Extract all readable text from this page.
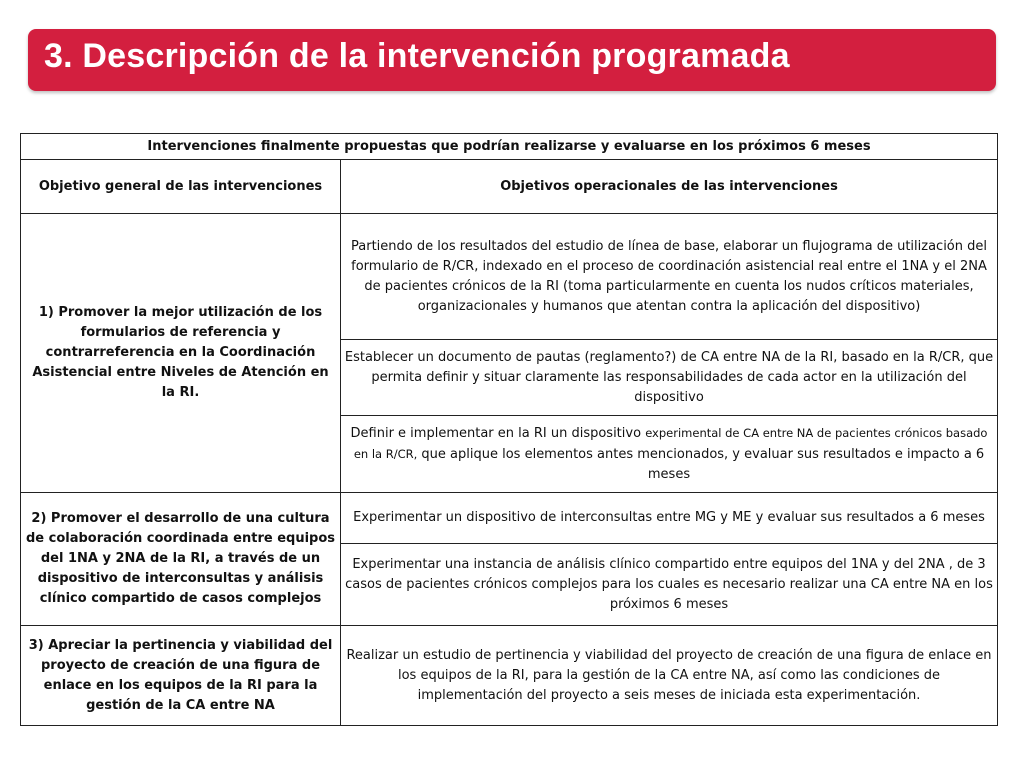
3. Descripción de la intervención programada
Intervenciones finalmente propuestas que podrían realizarse y evaluarse en los próximos 6 meses	
Objetivo general de las intervenciones	Objetivos operacionales de las intervenciones
1) Promover la mejor utilización de los formularios de referencia y contrarreferencia en la Coordinación Asistencial entre Niveles de Atención en la RI.	Partiendo de los resultados del estudio de línea de base, elaborar un flujograma de utilización del formulario de R/CR, indexado en el proceso de coordinación asistencial real entre el 1NA y el 2NA de pacientes crónicos de la RI (toma particularmente en cuenta los nudos críticos materiales, organizacionales y humanos que atentan contra la aplicación del dispositivo)
	Establecer un documento de pautas (reglamento?) de CA entre NA de la RI, basado en la R/CR, que permita definir y situar claramente las responsabilidades de cada actor en la utilización del dispositivo
	Definir e implementar en la RI un dispositivo experimental de CA entre NA de pacientes crónicos basado en la R/CR, que aplique los elementos antes mencionados, y evaluar sus resultados e impacto a 6 meses
2) Promover el desarrollo de una cultura de colaboración coordinada entre equipos del 1NA y 2NA de la RI, a través de un dispositivo de interconsultas y análisis clínico compartido de casos complejos	Experimentar un dispositivo de interconsultas entre MG y ME y evaluar sus resultados a 6 meses
	Experimentar una instancia de análisis clínico compartido entre equipos del 1NA y del 2NA , de 3 casos de pacientes crónicos complejos para los cuales es necesario realizar una CA entre NA en los próximos 6 meses
3) Apreciar la pertinencia y viabilidad del proyecto de creación de una figura de enlace en los equipos de la RI para la gestión de la CA entre NA	Realizar un estudio de pertinencia y viabilidad del proyecto de creación de una figura de enlace en los equipos de la RI, para la gestión de la CA entre NA, así como las condiciones de implementación del proyecto a seis meses de iniciada esta experimentación.
